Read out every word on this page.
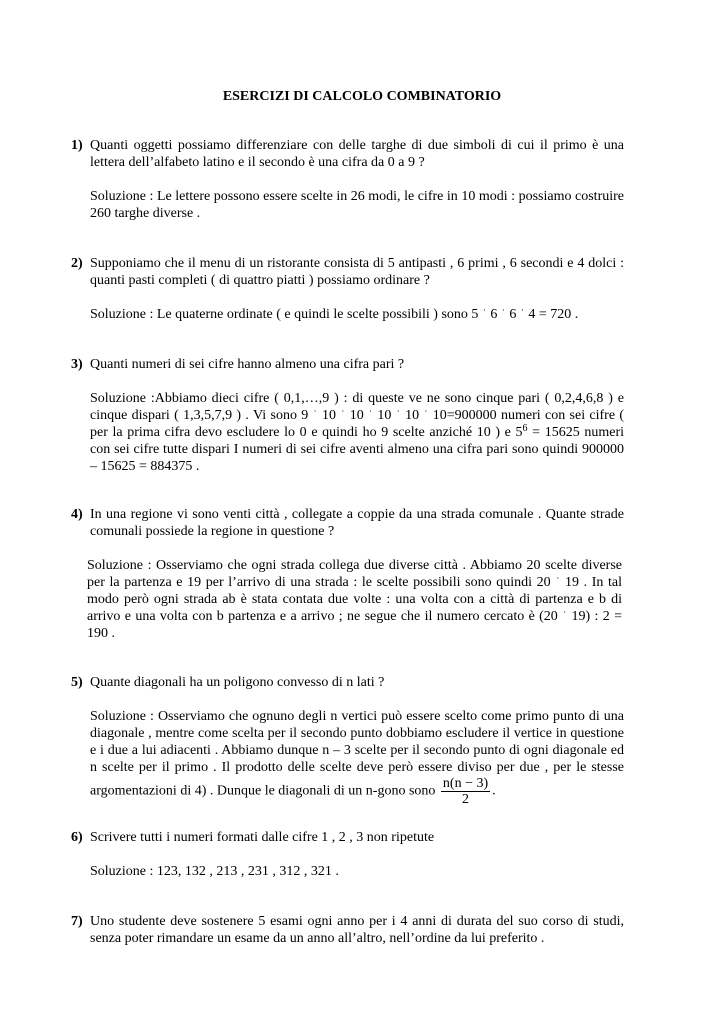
ESERCIZI DI CALCOLO COMBINATORIO
1) Quanti oggetti possiamo differenziare con delle targhe di due simboli di cui il primo è una lettera dell’alfabeto latino e il secondo è una cifra da 0 a 9 ?
Soluzione : Le lettere possono essere scelte in 26 modi, le cifre in 10 modi : possiamo costruire 260 targhe diverse .
2) Supponiamo che il menu di un ristorante consista di 5 antipasti , 6 primi , 6 secondi e 4 dolci : quanti pasti completi ( di quattro piatti ) possiamo ordinare ?
Soluzione : Le quaterne ordinate ( e quindi le scelte possibili ) sono 5 · 6 · 6 · 4 = 720 .
3) Quanti numeri di sei cifre hanno almeno una cifra pari ?
Soluzione :Abbiamo dieci cifre ( 0,1,…,9 ) : di queste ve ne sono cinque pari ( 0,2,4,6,8 ) e cinque dispari ( 1,3,5,7,9 ) . Vi sono 9 · 10 · 10 · 10 · 10 · 10=900000 numeri con sei cifre ( per la prima cifra devo escludere lo 0 e quindi ho 9 scelte anziché 10 ) e $5^6 = 15625$ numeri con sei cifre tutte dispari I numeri di sei cifre aventi almeno una cifra pari sono quindi 900000 – 15625 = 884375 .
4) In una regione vi sono venti città , collegate a coppie da una strada comunale . Quante strade comunali possiede la regione in questione ?
Soluzione : Osserviamo che ogni strada collega due diverse città . Abbiamo 20 scelte diverse per la partenza e 19 per l’arrivo di una strada : le scelte possibili sono quindi 20 · 19 . In tal modo però ogni strada ab è stata contata due volte : una volta con a città di partenza e b di arrivo e una volta con b partenza e a arrivo ; ne segue che il numero cercato è (20 · 19) : 2 = 190 .
5) Quante diagonali ha un poligono convesso di n lati ?
Soluzione : Osserviamo che ognuno degli n vertici può essere scelto come primo punto di una diagonale , mentre come scelta per il secondo punto dobbiamo escludere il vertice in questione e i due a lui adiacenti . Abbiamo dunque n – 3 scelte per il secondo punto di ogni diagonale ed n scelte per il primo . Il prodotto delle scelte deve però essere diviso per due , per le stesse argomentazioni di 4) . Dunque le diagonali di un n-gono sono $\frac{n(n - 3)}{2}$ .
6) Scrivere tutti i numeri formati dalle cifre 1 , 2 , 3 non ripetute
Soluzione : 123, 132 , 213 , 231 , 312 , 321 .
7) Uno studente deve sostenere 5 esami ogni anno per i 4 anni di durata del suo corso di studi, senza poter rimandare un esame da un anno all’altro, nell’ordine da lui preferito .
